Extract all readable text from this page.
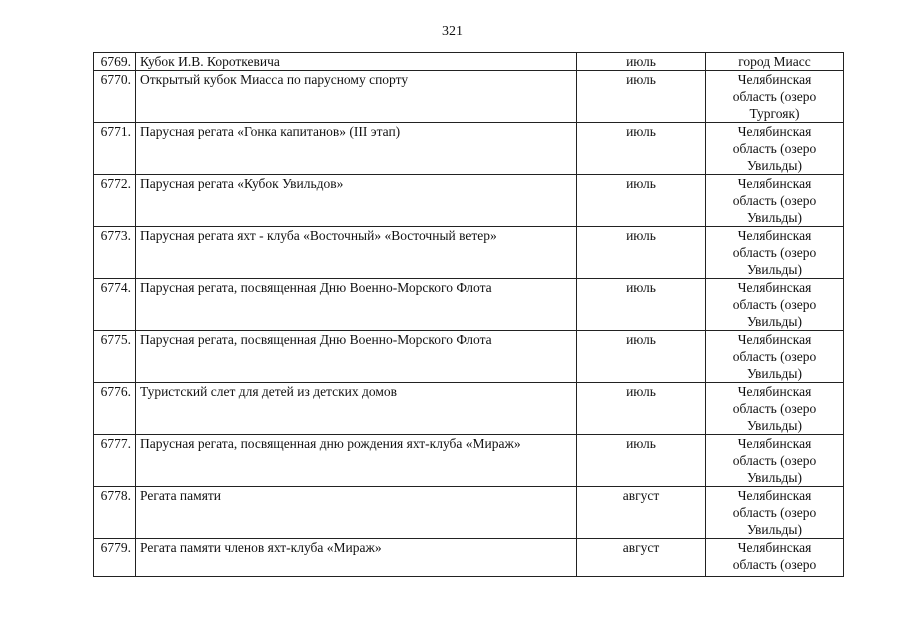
321
6769.	Кубок И.В. Короткевича	июль	город Миасс
6770.	Открытый кубок Миасса по парусному спорту	июль	Челябинская
область (озеро
Тургояк)
6771.	Парусная регата «Гонка капитанов» (III этап)	июль	Челябинская
область (озеро
Увильды)
6772.	Парусная регата «Кубок Увильдов»	июль	Челябинская
область (озеро
Увильды)
6773.	Парусная регата яхт - клуба «Восточный» «Восточный ветер»	июль	Челябинская
область (озеро
Увильды)
6774.	Парусная регата, посвященная Дню Военно-Морского Флота	июль	Челябинская
область (озеро
Увильды)
6775.	Парусная регата, посвященная Дню Военно-Морского Флота	июль	Челябинская
область (озеро
Увильды)
6776.	Туристский слет для детей из детских домов	июль	Челябинская
область (озеро
Увильды)
6777.	Парусная регата, посвященная дню рождения яхт-клуба «Мираж»	июль	Челябинская
область (озеро
Увильды)
6778.	Регата памяти	август	Челябинская
область (озеро
Увильды)
6779.	Регата памяти членов яхт-клуба «Мираж»	август	Челябинская
область (озеро
